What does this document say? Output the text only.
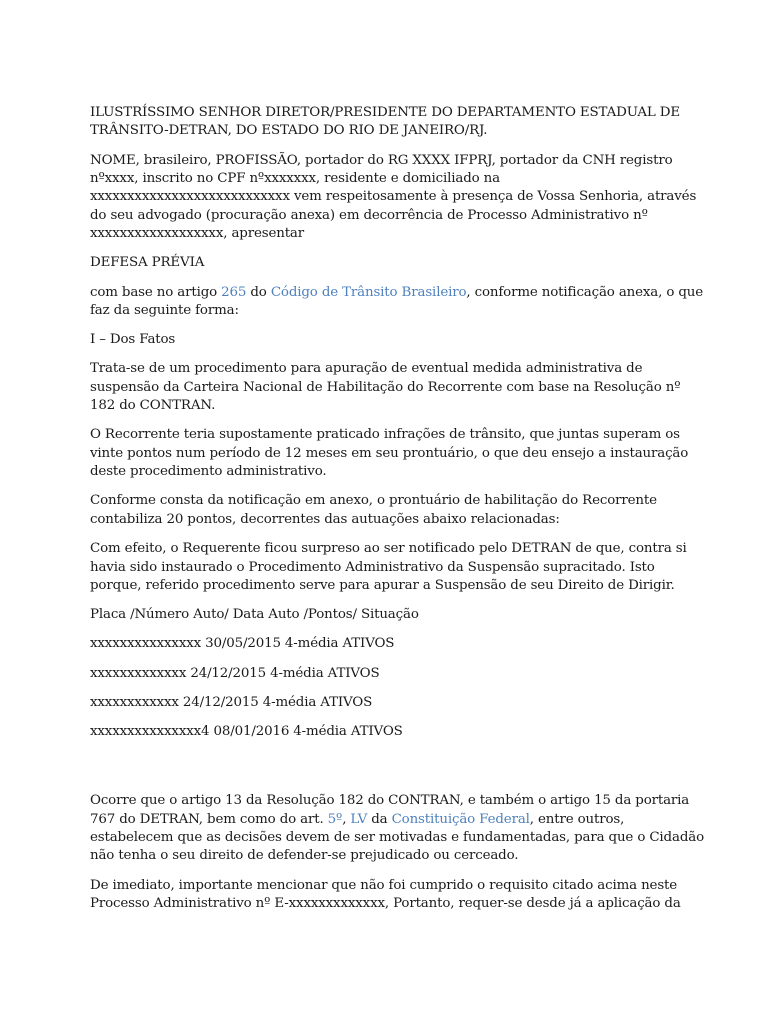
ILUSTRÍSSIMO SENHOR DIRETOR/PRESIDENTE DO DEPARTAMENTO ESTADUAL DE
TRÂNSITO-DETRAN, DO ESTADO DO RIO DE JANEIRO/RJ.

NOME, brasileiro, PROFISSÃO, portador do RG XXXX IFPRJ, portador da CNH registro
nºxxxx, inscrito no CPF nºxxxxxxx, residente e domiciliado na
xxxxxxxxxxxxxxxxxxxxxxxxxxx vem respeitosamente à presença de Vossa Senhoria, através
do seu advogado (procuração anexa) em decorrência de Processo Administrativo nº
xxxxxxxxxxxxxxxxxx, apresentar

DEFESA PRÉVIA

com base no artigo 265 do Código de Trânsito Brasileiro, conforme notificação anexa, o que
faz da seguinte forma:

I – Dos Fatos

Trata-se de um procedimento para apuração de eventual medida administrativa de
suspensão da Carteira Nacional de Habilitação do Recorrente com base na Resolução nº
182 do CONTRAN.

O Recorrente teria supostamente praticado infrações de trânsito, que juntas superam os
vinte pontos num período de 12 meses em seu prontuário, o que deu ensejo a instauração
deste procedimento administrativo.

Conforme consta da notificação em anexo, o prontuário de habilitação do Recorrente
contabiliza 20 pontos, decorrentes das autuações abaixo relacionadas:

Com efeito, o Requerente ficou surpreso ao ser notificado pelo DETRAN de que, contra si
havia sido instaurado o Procedimento Administrativo da Suspensão supracitado. Isto
porque, referido procedimento serve para apurar a Suspensão de seu Direito de Dirigir.

Placa /Número Auto/ Data Auto /Pontos/ Situação

xxxxxxxxxxxxxxx 30/05/2015 4-média ATIVOS

xxxxxxxxxxxxx 24/12/2015 4-média ATIVOS

xxxxxxxxxxxx 24/12/2015 4-média ATIVOS

xxxxxxxxxxxxxxx4 08/01/2016 4-média ATIVOS

Ocorre que o artigo 13 da Resolução 182 do CONTRAN, e também o artigo 15 da portaria
767 do DETRAN, bem como do art. 5º, LV da Constituição Federal, entre outros,
estabelecem que as decisões devem de ser motivadas e fundamentadas, para que o Cidadão
não tenha o seu direito de defender-se prejudicado ou cerceado.

De imediato, importante mencionar que não foi cumprido o requisito citado acima neste
Processo Administrativo nº E-xxxxxxxxxxxxx, Portanto, requer-se desde já a aplicação da
